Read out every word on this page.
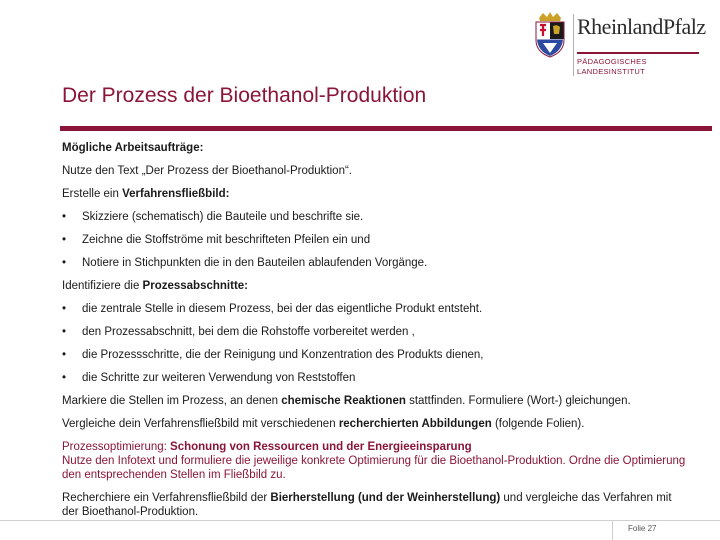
RheinlandPfalz
PÄDAGOGISCHES
LANDESINSTITUT
Der Prozess der Bioethanol-Produktion

Mögliche Arbeitsaufträge:

Nutze den Text „Der Prozess der Bioethanol-Produktion“.

Erstelle ein Verfahrensfließbild:

• Skizziere (schematisch) die Bauteile und beschrifte sie.
• Zeichne die Stoffströme mit beschrifteten Pfeilen ein und
• Notiere in Stichpunkten die in den Bauteilen ablaufenden Vorgänge.

Identifiziere die Prozessabschnitte:

• die zentrale Stelle in diesem Prozess, bei der das eigentliche Produkt entsteht.
• den Prozessabschnitt, bei dem die Rohstoffe vorbereitet werden ,
• die Prozessschritte, die der Reinigung und Konzentration des Produkts dienen,
• die Schritte zur weiteren Verwendung von Reststoffen

Markiere die Stellen im Prozess, an denen chemische Reaktionen stattfinden. Formuliere (Wort-) gleichungen.

Vergleiche dein Verfahrensfließbild mit verschiedenen recherchierten Abbildungen (folgende Folien).

Prozessoptimierung: Schonung von Ressourcen und der Energieeinsparung
Nutze den Infotext und formuliere die jeweilige konkrete Optimierung für die Bioethanol-Produktion. Ordne die Optimierung den entsprechenden Stellen im Fließbild zu.

Recherchiere ein Verfahrensfließbild der Bierherstellung (und der Weinherstellung) und vergleiche das Verfahren mit der Bioethanol-Produktion.

Folie 27
